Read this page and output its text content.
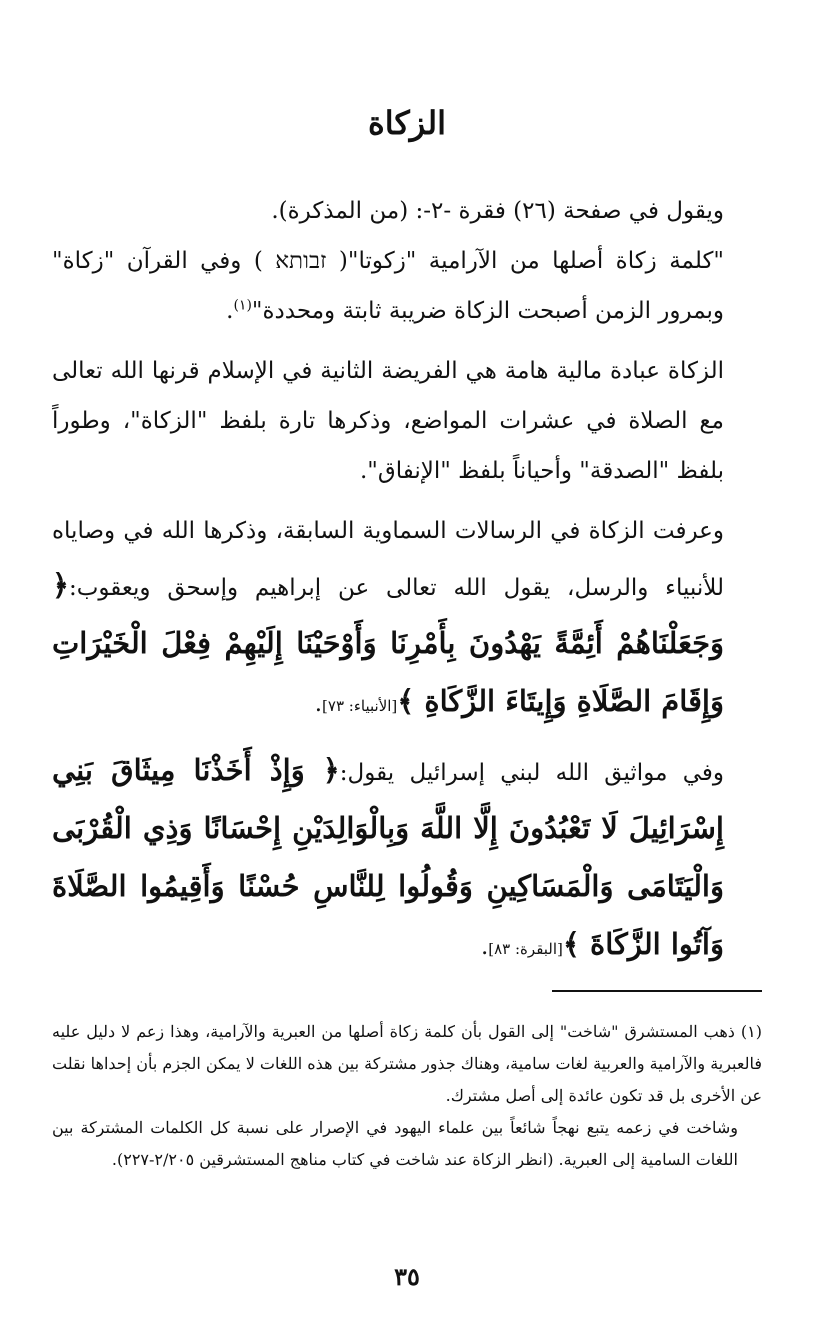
الزكاة

ويقول في صفحة (٢٦) فقرة -٢-: (من المذكرة).

"كلمة زكاة أصلها من الآرامية "زكوتا"( זבותא ) وفي القرآن "زكاة" وبمرور الزمن أصبحت الزكاة ضريبة ثابتة ومحددة"$^{(١)}$.

الزكاة عبادة مالية هامة هي الفريضة الثانية في الإسلام قرنها الله تعالى مع الصلاة في عشرات المواضع، وذكرها تارة بلفظ "الزكاة"، وطوراً بلفظ "الصدقة" وأحياناً بلفظ "الإنفاق".

وعرفت الزكاة في الرسالات السماوية السابقة، وذكرها الله في وصاياه للأنبياء والرسل، يقول الله تعالى عن إبراهيم وإسحق ويعقوب:﴿ وَجَعَلْنَاهُمْ أَئِمَّةً يَهْدُونَ بِأَمْرِنَا وَأَوْحَيْنَا إِلَيْهِمْ فِعْلَ الْخَيْرَاتِ وَإِقَامَ الصَّلَاةِ وَإِيتَاءَ الزَّكَاةِ ﴾[الأنبياء: ٧٣].

وفي مواثيق الله لبني إسرائيل يقول:﴿ وَإِذْ أَخَذْنَا مِيثَاقَ بَنِي إِسْرَائِيلَ لَا تَعْبُدُونَ إِلَّا اللَّهَ وَبِالْوَالِدَيْنِ إِحْسَانًا وَذِي الْقُرْبَى وَالْيَتَامَى وَالْمَسَاكِينِ وَقُولُوا لِلنَّاسِ حُسْنًا وَأَقِيمُوا الصَّلَاةَ وَآتُوا الزَّكَاةَ ﴾[البقرة: ٨٣].

(١) ذهب المستشرق "شاخت" إلى القول بأن كلمة زكاة أصلها من العبرية والآرامية، وهذا زعم لا دليل عليه فالعبرية والآرامية والعربية لغات سامية، وهناك جذور مشتركة بين هذه اللغات لا يمكن الجزم بأن إحداها نقلت عن الأخرى بل قد تكون عائدة إلى أصل مشترك.

وشاخت في زعمه يتبع نهجاً شائعاً بين علماء اليهود في الإصرار على نسبة كل الكلمات المشتركة بين اللغات السامية إلى العبرية. (انظر الزكاة عند شاخت في كتاب مناهج المستشرقين ٢/٢٠٥-٢٢٧).

٣٥
